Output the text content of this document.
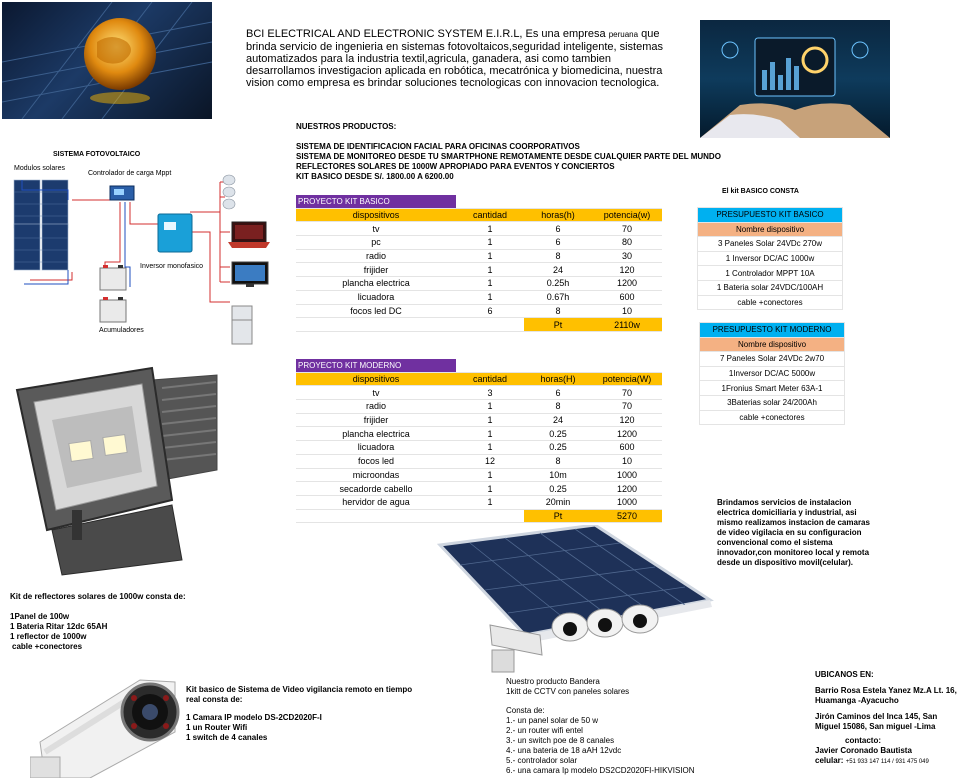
SISTEMA FOTOVOLTAICO
Modulos solares
Controlador de carga Mppt
Inversor monofasico
Acumuladores
BCI ELECTRICAL AND ELECTRONIC SYSTEM E.I.R.L, Es una empresa peruana que brinda servicio de ingenieria en sistemas fotovoltaicos,seguridad inteligente, sistemas automatizados para la industria textil,agricula, ganadera, asi como tambien desarrollamos investigacion aplicada en robótica, mecatrónica y biomedicina, nuestra vision como empresa es brindar soluciones tecnologicas con innovacion tecnologica.
NUESTROS PRODUCTOS:
SISTEMA DE IDENTIFICACION FACIAL PARA OFICINAS COORPORATIVOS
SISTEMA DE MONITOREO DESDE TU SMARTPHONE REMOTAMENTE DESDE CUALQUIER PARTE DEL MUNDO
REFLECTORES SOLARES DE 1000W APROPIADO PARA EVENTOS Y CONCIERTOS
KIT BASICO DESDE S/. 1800.00 A 6200.00
PROYECTO KIT BASICO			
dispositivos	cantidad	horas(h)	potencia(w)
tv	1	6	70
pc	1	6	80
radio	1	8	30
frijider	1	24	120
plancha electrica	1	0.25h	1200
licuadora	1	0.67h	600
focos led DC	6	8	10
		Pt	2110w
PROYECTO KIT MODERNO			
dispositivos	cantidad	horas(H)	potencia(W)
tv	3	6	70
radio	1	8	70
frijider	1	24	120
plancha electrica	1	0.25	1200
licuadora	1	0.25	600
focos led	12	8	10
microondas	1	10m	1000
secadorde cabello	1	0.25	1200
hervidor de agua	1	20min	1000
		Pt	5270
El kit BASICO CONSTA
PRESUPUESTO KIT BASICO
Nombre dispositivo
3 Paneles Solar 24VDc 270w
1 Inversor DC/AC 1000w
1 Controlador MPPT 10A
1 Bateria solar 24VDC/100AH
cable +conectores
PRESUPUESTO KIT MODERNO
Nombre dispositivo
7 Paneles Solar 24VDc 2w70
1Inversor DC/AC 5000w
1Fronius Smart Meter 63A-1
3Baterias solar 24/200Ah
cable +conectores
Brindamos servicios de instalacion electrica domiciliaria y industrial, asi mismo realizamos instacion de camaras de video vigilacia en su configuracion convencional como el sistema innovador,con monitoreo local y remota desde un dispositivo movil(celular).
Kit de reflectores solares de 1000w consta de:
1Panel de 100w
1 Bateria Ritar 12dc 65AH
1 reflector de 1000w
cable +conectores
Kit basico de Sistema de Video vigilancia remoto en tiempo real consta de:
1 Camara IP modelo DS-2CD2020F-I
1 un Router Wifi
1 switch de 4 canales
Nuestro producto Bandera
1kitt de CCTV con paneles solares
Consta de:
1.- un panel solar de 50 w
2.- un router wifi entel
3.- un switch poe de 8 canales
4.- una bateria de 18 aAH 12vdc
5.- controlador solar
6.- una camara Ip modelo DS2CD2020FI-HIKVISION
UBICANOS EN:
Barrio Rosa Estela Yanez Mz.A Lt. 16, Huamanga -Ayacucho
Jirón Caminos del Inca 145, San Miguel 15086, San miguel -Lima
contacto:
Javier Coronado Bautista
celular: +51 933 147 114 / 931 475 049
